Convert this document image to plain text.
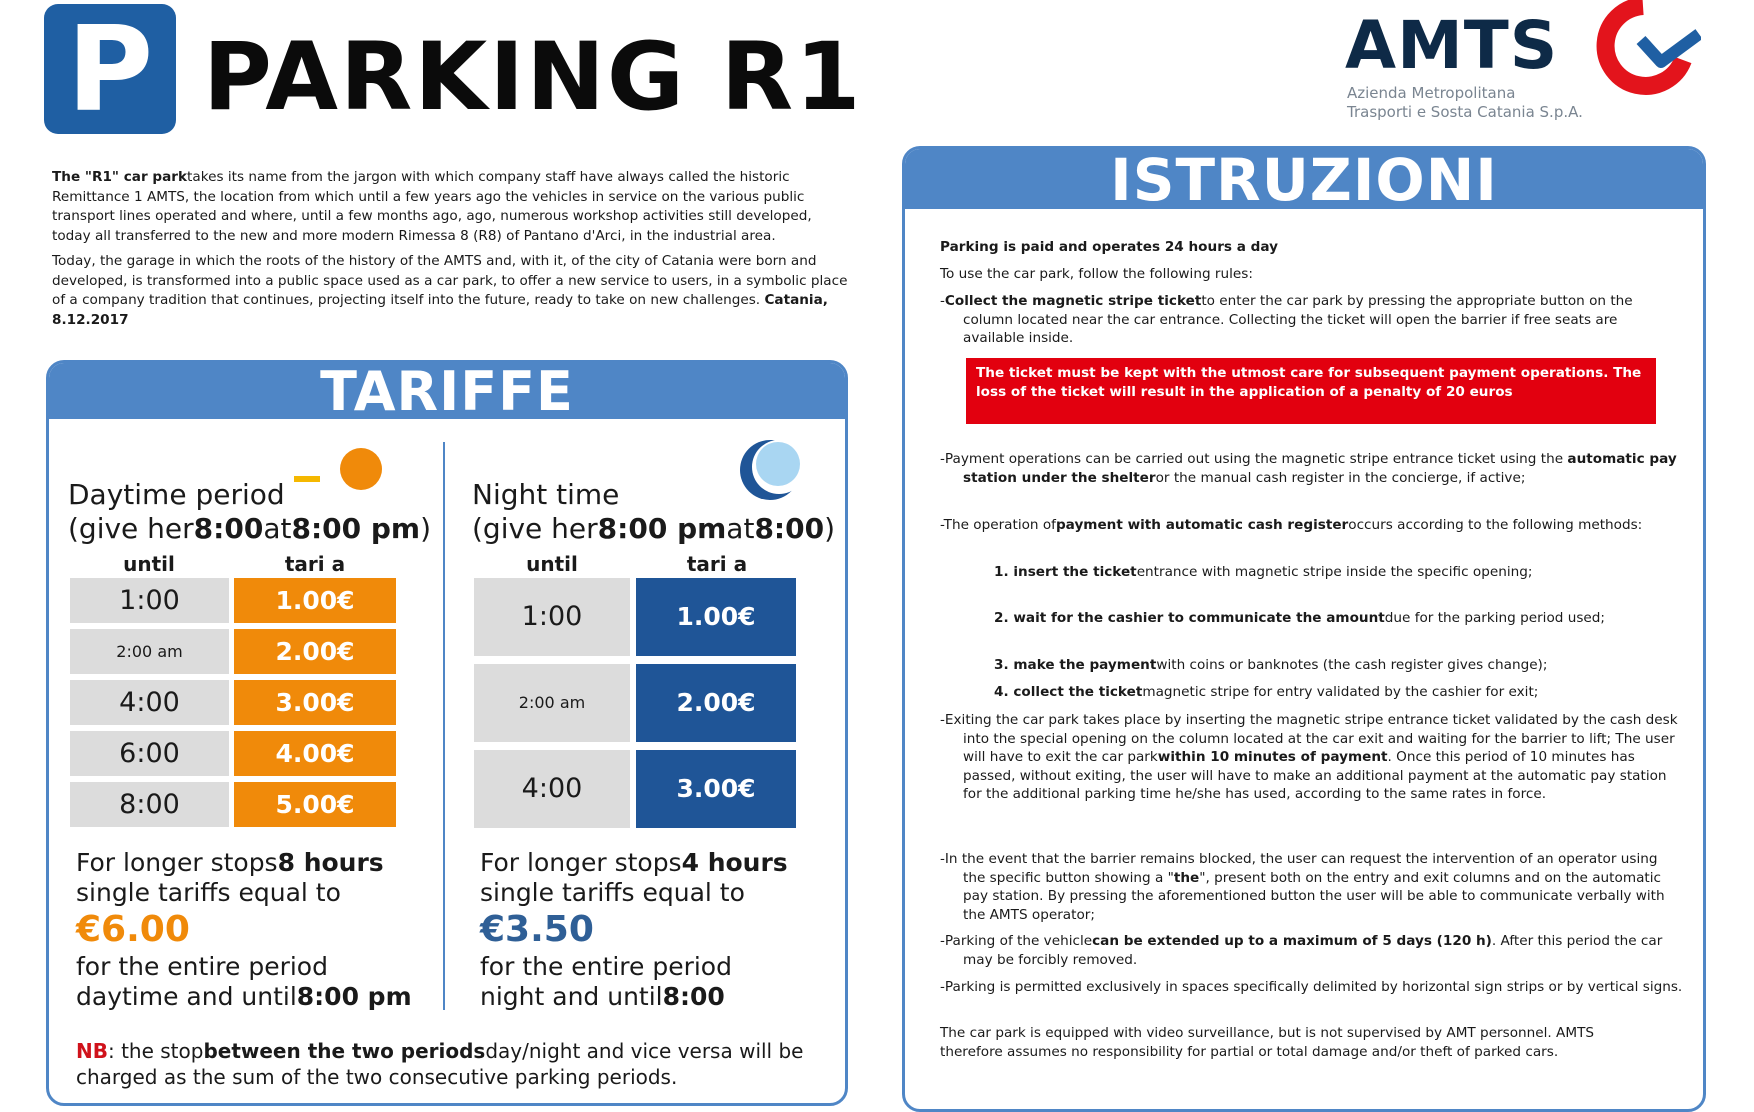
P PARKING R1	AMTS
Azienda Metropolitana
Trasporti e Sosta Catania S.p.A.

The "R1" car parktakes its name from the jargon with which company staff have always called the historic Remittance 1 AMTS, the location from which until a few years ago the vehicles in service on the various public transport lines operated and where, until a few months ago, ago, numerous workshop activities still developed, today all transferred to the new and more modern Rimessa 8 (R8) of Pantano d'Arci, in the industrial area.

Today, the garage in which the roots of the history of the AMTS and, with it, of the city of Catania were born and developed, is transformed into a public space used as a car park, to offer a new service to users, in a symbolic place of a company tradition that continues, projecting itself into the future, ready to take on new challenges. Catania, 8.12.2017

TARIFFE
Daytime period
(give her8:00at8:00 pm)
until	tari a
1:00	1.00€
2:00 am	2.00€
4:00	3.00€
6:00	4.00€
8:00	5.00€
For longer stops8 hours
single tariffs equal to
€6.00
for the entire period
daytime and until8:00 pm
Night time
(give her8:00 pmat8:00)
until	tari a
1:00	1.00€
2:00 am	2.00€
4:00	3.00€
For longer stops4 hours
single tariffs equal to
€3.50
for the entire period
night and until8:00
NB: the stopbetween the two periodsday/night and vice versa will be charged as the sum of the two consecutive parking periods.
ISTRUZIONI
Parking is paid and operates 24 hours a day
To use the car park, follow the following rules:
-Collect the magnetic stripe ticketto enter the car park by pressing the appropriate button on the column located near the car entrance. Collecting the ticket will open the barrier if free seats are available inside.
The ticket must be kept with the utmost care for subsequent payment operations. The loss of the ticket will result in the application of a penalty of 20 euros
-Payment operations can be carried out using the magnetic stripe entrance ticket using the automatic pay station under the shelteror the manual cash register in the concierge, if active;
-The operation ofpayment with automatic cash registeroccurs according to the following methods:
1. insert the ticketentrance with magnetic stripe inside the specific opening;
2. wait for the cashier to communicate the amountdue for the parking period used;
3. make the paymentwith coins or banknotes (the cash register gives change);
4. collect the ticketmagnetic stripe for entry validated by the cashier for exit;
-Exiting the car park takes place by inserting the magnetic stripe entrance ticket validated by the cash desk into the special opening on the column located at the car exit and waiting for the barrier to lift; The user will have to exit the car parkwithin 10 minutes of payment. Once this period of 10 minutes has passed, without exiting, the user will have to make an additional payment at the automatic pay station for the additional parking time he/she has used, according to the same rates in force.
-In the event that the barrier remains blocked, the user can request the intervention of an operator using the specific button showing a "the", present both on the entry and exit columns and on the automatic pay station. By pressing the aforementioned button the user will be able to communicate verbally with the AMTS operator;
-Parking of the vehiclecan be extended up to a maximum of 5 days (120 h). After this period the car may be forcibly removed.
-Parking is permitted exclusively in spaces specifically delimited by horizontal sign strips or by vertical signs.
The car park is equipped with video surveillance, but is not supervised by AMT personnel. AMTS therefore assumes no responsibility for partial or total damage and/or theft of parked cars.
